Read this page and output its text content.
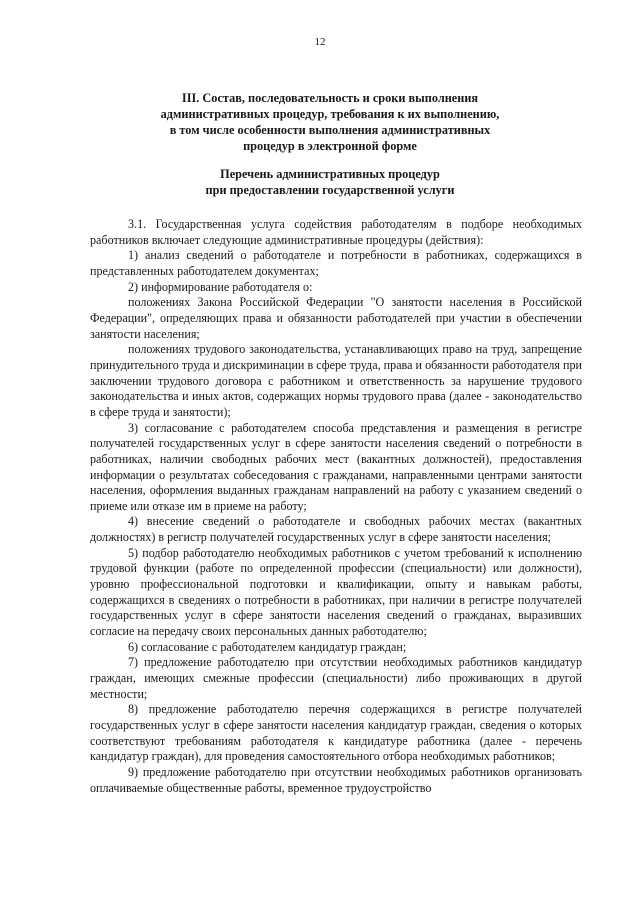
12
III. Состав, последовательность и сроки выполнения
административных процедур, требования к их выполнению,
в том числе особенности выполнения административных
процедур в электронной форме
Перечень административных процедур
при предоставлении государственной услуги

3.1. Государственная услуга содействия работодателям в подборе необходимых работников включает следующие административные процедуры (действия):

1) анализ сведений о работодателе и потребности в работниках, содержащихся в представленных работодателем документах;

2) информирование работодателя о:

положениях Закона Российской Федерации "О занятости населения в Российской Федерации", определяющих права и обязанности работодателей при участии в обеспечении занятости населения;

положениях трудового законодательства, устанавливающих право на труд, запрещение принудительного труда и дискриминации в сфере труда, права и обязанности работодателя при заключении трудового договора с работником и ответственность за нарушение трудового законодательства и иных актов, содержащих нормы трудового права (далее - законодательство в сфере труда и занятости);

3) согласование с работодателем способа представления и размещения в регистре получателей государственных услуг в сфере занятости населения сведений о потребности в работниках, наличии свободных рабочих мест (вакантных должностей), предоставления информации о результатах собеседования с гражданами, направленными центрами занятости населения, оформления выданных гражданам направлений на работу с указанием сведений о приеме или отказе им в приеме на работу;

4) внесение сведений о работодателе и свободных рабочих местах (вакантных должностях) в регистр получателей государственных услуг в сфере занятости населения;

5) подбор работодателю необходимых работников с учетом требований к исполнению трудовой функции (работе по определенной профессии (специальности) или должности), уровню профессиональной подготовки и квалификации, опыту и навыкам работы, содержащихся в сведениях о потребности в работниках, при наличии в регистре получателей государственных услуг в сфере занятости населения сведений о гражданах, выразивших согласие на передачу своих персональных данных работодателю;

6) согласование с работодателем кандидатур граждан;

7) предложение работодателю при отсутствии необходимых работников кандидатур граждан, имеющих смежные профессии (специальности) либо проживающих в другой местности;

8) предложение работодателю перечня содержащихся в регистре получателей государственных услуг в сфере занятости населения кандидатур граждан, сведения о которых соответствуют требованиям работодателя к кандидатуре работника (далее - перечень кандидатур граждан), для проведения самостоятельного отбора необходимых работников;

9) предложение работодателю при отсутствии необходимых работников организовать оплачиваемые общественные работы, временное трудоустройство
